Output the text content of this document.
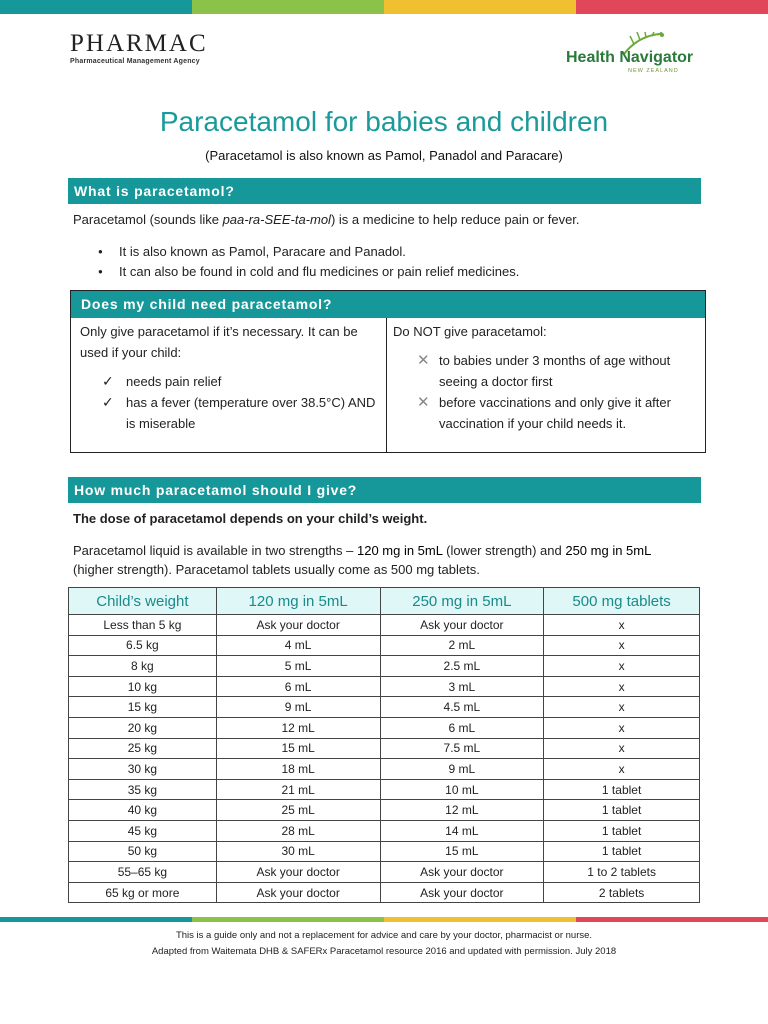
PHARMAC
Pharmaceutical Management Agency	Health Navigator
NEW ZEALAND
Paracetamol for babies and children
(Paracetamol is also known as Pamol, Panadol and Paracare)
What is paracetamol?
Paracetamol (sounds like paa-ra-SEE-ta-mol) is a medicine to help reduce pain or fever.
● It is also known as Pamol, Paracare and Panadol.
● It can also be found in cold and flu medicines or pain relief medicines.
Does my child need paracetamol?
Only give paracetamol if it’s necessary. It can be used if your child:
✓ needs pain relief
✓ has a fever (temperature over 38.5°C) AND is miserable
Do NOT give paracetamol:
✕ to babies under 3 months of age without seeing a doctor first
✕ before vaccinations and only give it after vaccination if your child needs it.
How much paracetamol should I give?
The dose of paracetamol depends on your child’s weight.
Paracetamol liquid is available in two strengths – 120 mg in 5mL (lower strength) and 250 mg in 5mL
(higher strength). Paracetamol tablets usually come as 500 mg tablets.
Child’s weight	120 mg in 5mL	250 mg in 5mL	500 mg tablets
Less than 5 kg	Ask your doctor	Ask your doctor	x
6.5 kg	4 mL	2 mL	x
8 kg	5 mL	2.5 mL	x
10 kg	6 mL	3 mL	x
15 kg	9 mL	4.5 mL	x
20 kg	12 mL	6 mL	x
25 kg	15 mL	7.5 mL	x
30 kg	18 mL	9 mL	x
35 kg	21 mL	10 mL	1 tablet
40 kg	25 mL	12 mL	1 tablet
45 kg	28 mL	14 mL	1 tablet
50 kg	30 mL	15 mL	1 tablet
55–65 kg	Ask your doctor	Ask your doctor	1 to 2 tablets
65 kg or more	Ask your doctor	Ask your doctor	2 tablets
This is a guide only and not a replacement for advice and care by your doctor, pharmacist or nurse.
Adapted from Waitemata DHB & SAFERx Paracetamol resource 2016 and updated with permission. July 2018
